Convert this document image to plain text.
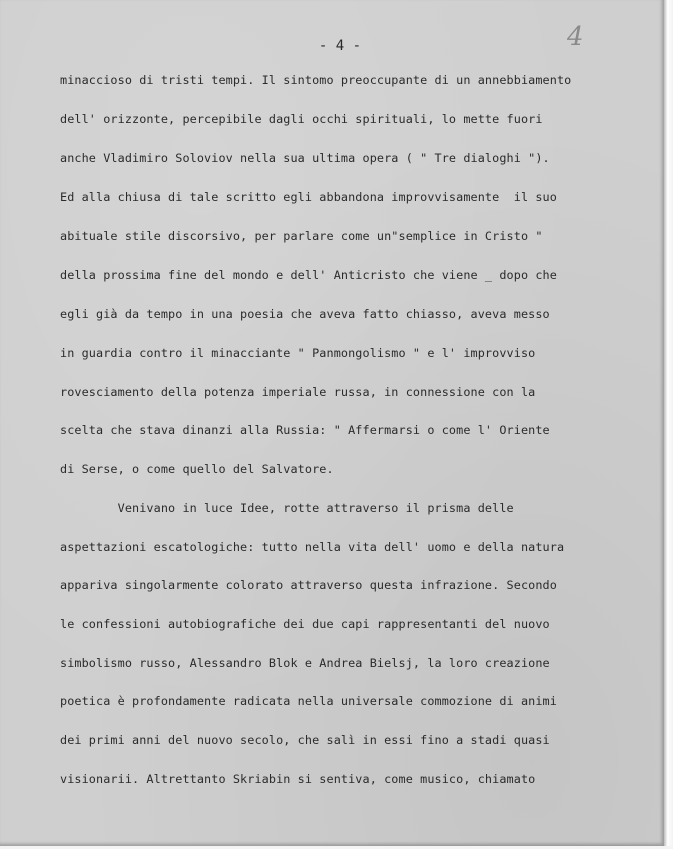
- 4 -	4
minaccioso di tristi tempi. Il sintomo preoccupante di un annebbiamento
dell' orizzonte, percepibile dagli occhi spirituali, lo mette fuori
anche Vladimiro Soloviov nella sua ultima opera ( " Tre dialoghi ").
Ed alla chiusa di tale scritto egli abbandona improvvisamente  il suo
abituale stile discorsivo, per parlare come un"semplice in Cristo "
della prossima fine del mondo e dell' Anticristo che viene _ dopo che
egli già da tempo in una poesia che aveva fatto chiasso, aveva messo
in guardia contro il minacciante " Panmongolismo " e l' improvviso
rovesciamento della potenza imperiale russa, in connessione con la
scelta che stava dinanzi alla Russia: " Affermarsi o come l' Oriente
di Serse, o come quello del Salvatore.
Venivano in luce Idee, rotte attraverso il prisma delle
aspettazioni escatologiche: tutto nella vita dell' uomo e della natura
appariva singolarmente colorato attraverso questa infrazione. Secondo
le confessioni autobiografiche dei due capi rappresentanti del nuovo
simbolismo russo, Alessandro Blok e Andrea Bielsj, la loro creazione
poetica è profondamente radicata nella universale commozione di animi
dei primi anni del nuovo secolo, che salì in essi fino a stadi quasi
visionarii. Altrettanto Skriabin si sentiva, come musico, chiamato
